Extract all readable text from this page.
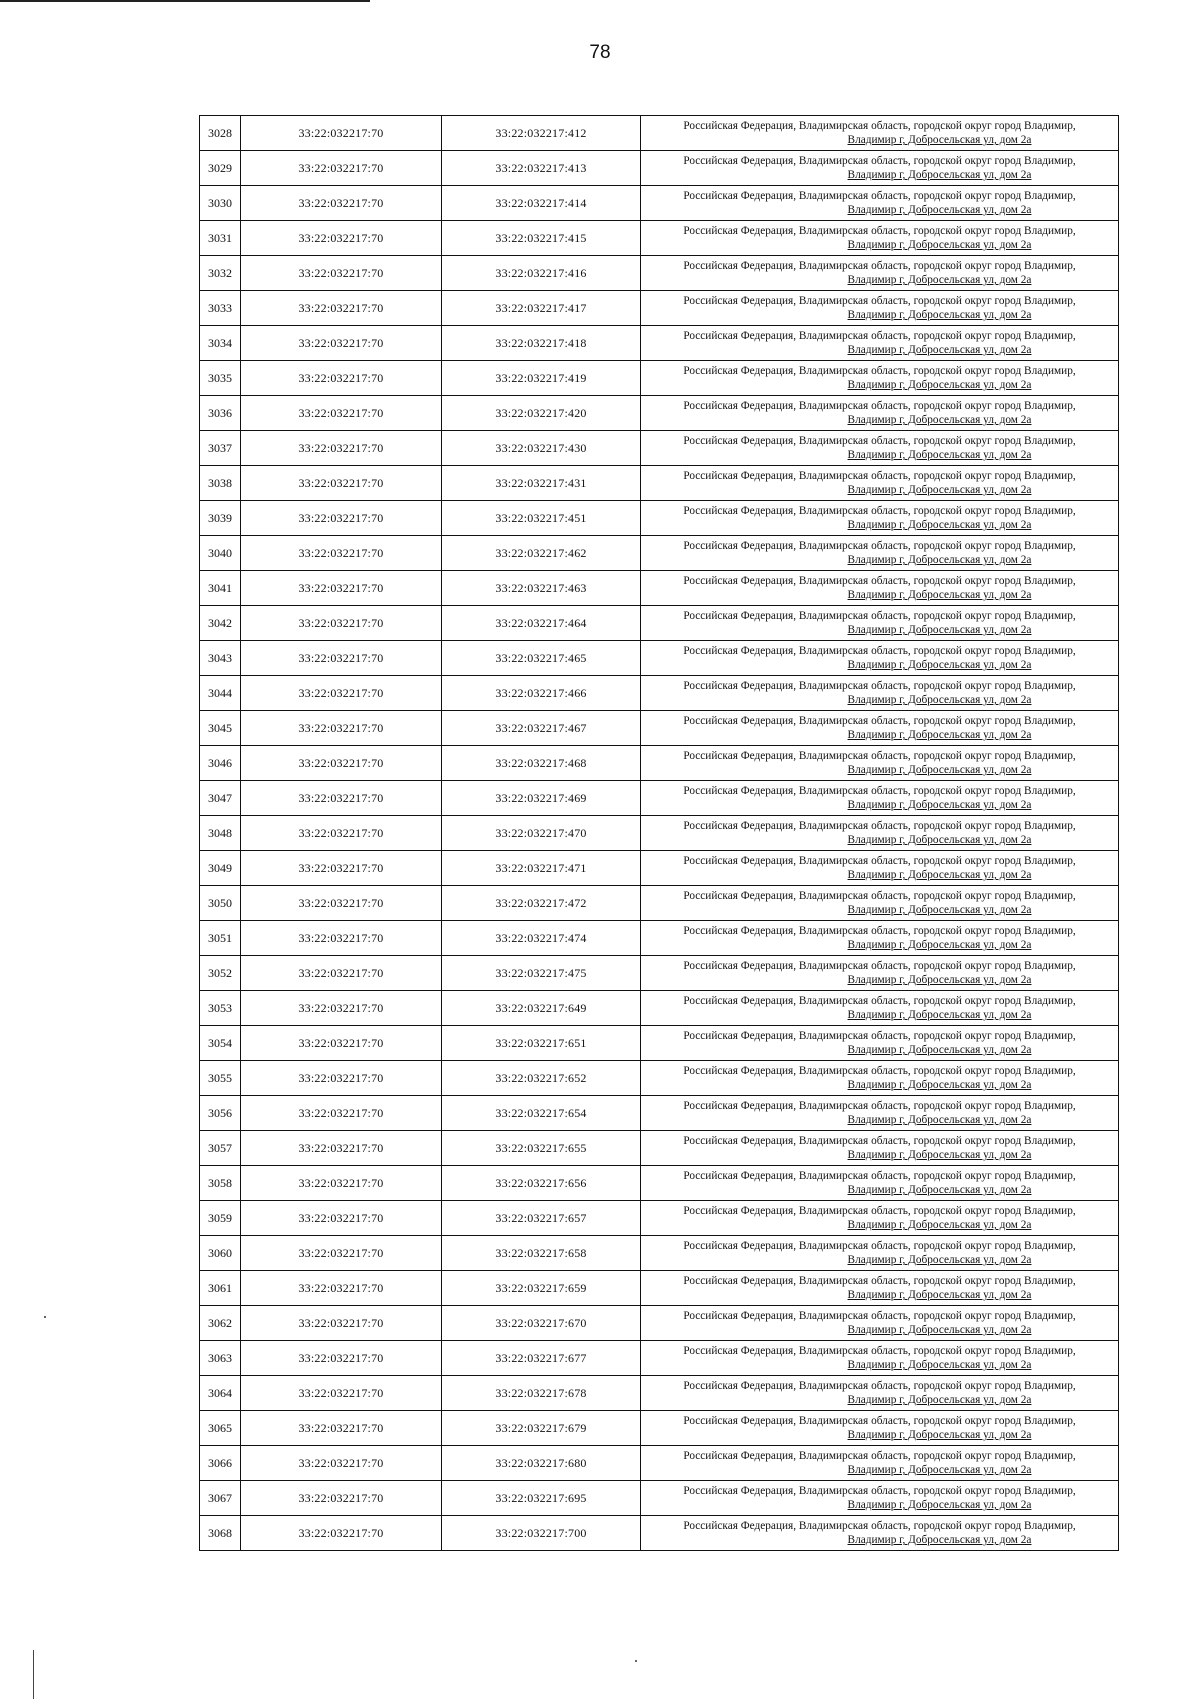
78
3028	33:22:032217:70	33:22:032217:412	Российская Федерация, Владимирская область, городской округ город Владимир,
Владимир г, Добросельская ул, дом 2а

3029	33:22:032217:70	33:22:032217:413	Российская Федерация, Владимирская область, городской округ город Владимир,
Владимир г, Добросельская ул, дом 2а

3030	33:22:032217:70	33:22:032217:414	Российская Федерация, Владимирская область, городской округ город Владимир,
Владимир г, Добросельская ул, дом 2а

3031	33:22:032217:70	33:22:032217:415	Российская Федерация, Владимирская область, городской округ город Владимир,
Владимир г, Добросельская ул, дом 2а

3032	33:22:032217:70	33:22:032217:416	Российская Федерация, Владимирская область, городской округ город Владимир,
Владимир г, Добросельская ул, дом 2а

3033	33:22:032217:70	33:22:032217:417	Российская Федерация, Владимирская область, городской округ город Владимир,
Владимир г, Добросельская ул, дом 2а

3034	33:22:032217:70	33:22:032217:418	Российская Федерация, Владимирская область, городской округ город Владимир,
Владимир г, Добросельская ул, дом 2а

3035	33:22:032217:70	33:22:032217:419	Российская Федерация, Владимирская область, городской округ город Владимир,
Владимир г, Добросельская ул, дом 2а

3036	33:22:032217:70	33:22:032217:420	Российская Федерация, Владимирская область, городской округ город Владимир,
Владимир г, Добросельская ул, дом 2а

3037	33:22:032217:70	33:22:032217:430	Российская Федерация, Владимирская область, городской округ город Владимир,
Владимир г, Добросельская ул, дом 2а

3038	33:22:032217:70	33:22:032217:431	Российская Федерация, Владимирская область, городской округ город Владимир,
Владимир г, Добросельская ул, дом 2а

3039	33:22:032217:70	33:22:032217:451	Российская Федерация, Владимирская область, городской округ город Владимир,
Владимир г, Добросельская ул, дом 2а

3040	33:22:032217:70	33:22:032217:462	Российская Федерация, Владимирская область, городской округ город Владимир,
Владимир г, Добросельская ул, дом 2а

3041	33:22:032217:70	33:22:032217:463	Российская Федерация, Владимирская область, городской округ город Владимир,
Владимир г, Добросельская ул, дом 2а

3042	33:22:032217:70	33:22:032217:464	Российская Федерация, Владимирская область, городской округ город Владимир,
Владимир г, Добросельская ул, дом 2а

3043	33:22:032217:70	33:22:032217:465	Российская Федерация, Владимирская область, городской округ город Владимир,
Владимир г, Добросельская ул, дом 2а

3044	33:22:032217:70	33:22:032217:466	Российская Федерация, Владимирская область, городской округ город Владимир,
Владимир г, Добросельская ул, дом 2а

3045	33:22:032217:70	33:22:032217:467	Российская Федерация, Владимирская область, городской округ город Владимир,
Владимир г, Добросельская ул, дом 2а

3046	33:22:032217:70	33:22:032217:468	Российская Федерация, Владимирская область, городской округ город Владимир,
Владимир г, Добросельская ул, дом 2а

3047	33:22:032217:70	33:22:032217:469	Российская Федерация, Владимирская область, городской округ город Владимир,
Владимир г, Добросельская ул, дом 2а

3048	33:22:032217:70	33:22:032217:470	Российская Федерация, Владимирская область, городской округ город Владимир,
Владимир г, Добросельская ул, дом 2а

3049	33:22:032217:70	33:22:032217:471	Российская Федерация, Владимирская область, городской округ город Владимир,
Владимир г, Добросельская ул, дом 2а

3050	33:22:032217:70	33:22:032217:472	Российская Федерация, Владимирская область, городской округ город Владимир,
Владимир г, Добросельская ул, дом 2а

3051	33:22:032217:70	33:22:032217:474	Российская Федерация, Владимирская область, городской округ город Владимир,
Владимир г, Добросельская ул, дом 2а

3052	33:22:032217:70	33:22:032217:475	Российская Федерация, Владимирская область, городской округ город Владимир,
Владимир г, Добросельская ул, дом 2а

3053	33:22:032217:70	33:22:032217:649	Российская Федерация, Владимирская область, городской округ город Владимир,
Владимир г, Добросельская ул, дом 2а

3054	33:22:032217:70	33:22:032217:651	Российская Федерация, Владимирская область, городской округ город Владимир,
Владимир г, Добросельская ул, дом 2а

3055	33:22:032217:70	33:22:032217:652	Российская Федерация, Владимирская область, городской округ город Владимир,
Владимир г, Добросельская ул, дом 2а

3056	33:22:032217:70	33:22:032217:654	Российская Федерация, Владимирская область, городской округ город Владимир,
Владимир г, Добросельская ул, дом 2а

3057	33:22:032217:70	33:22:032217:655	Российская Федерация, Владимирская область, городской округ город Владимир,
Владимир г, Добросельская ул, дом 2а

3058	33:22:032217:70	33:22:032217:656	Российская Федерация, Владимирская область, городской округ город Владимир,
Владимир г, Добросельская ул, дом 2а

3059	33:22:032217:70	33:22:032217:657	Российская Федерация, Владимирская область, городской округ город Владимир,
Владимир г, Добросельская ул, дом 2а

3060	33:22:032217:70	33:22:032217:658	Российская Федерация, Владимирская область, городской округ город Владимир,
Владимир г, Добросельская ул, дом 2а

3061	33:22:032217:70	33:22:032217:659	Российская Федерация, Владимирская область, городской округ город Владимир,
Владимир г, Добросельская ул, дом 2а

3062	33:22:032217:70	33:22:032217:670	Российская Федерация, Владимирская область, городской округ город Владимир,
Владимир г, Добросельская ул, дом 2а

3063	33:22:032217:70	33:22:032217:677	Российская Федерация, Владимирская область, городской округ город Владимир,
Владимир г, Добросельская ул, дом 2а

3064	33:22:032217:70	33:22:032217:678	Российская Федерация, Владимирская область, городской округ город Владимир,
Владимир г, Добросельская ул, дом 2а

3065	33:22:032217:70	33:22:032217:679	Российская Федерация, Владимирская область, городской округ город Владимир,
Владимир г, Добросельская ул, дом 2а

3066	33:22:032217:70	33:22:032217:680	Российская Федерация, Владимирская область, городской округ город Владимир,
Владимир г, Добросельская ул, дом 2а

3067	33:22:032217:70	33:22:032217:695	Российская Федерация, Владимирская область, городской округ город Владимир,
Владимир г, Добросельская ул, дом 2а

3068	33:22:032217:70	33:22:032217:700	Российская Федерация, Владимирская область, городской округ город Владимир,
Владимир г, Добросельская ул, дом 2а
